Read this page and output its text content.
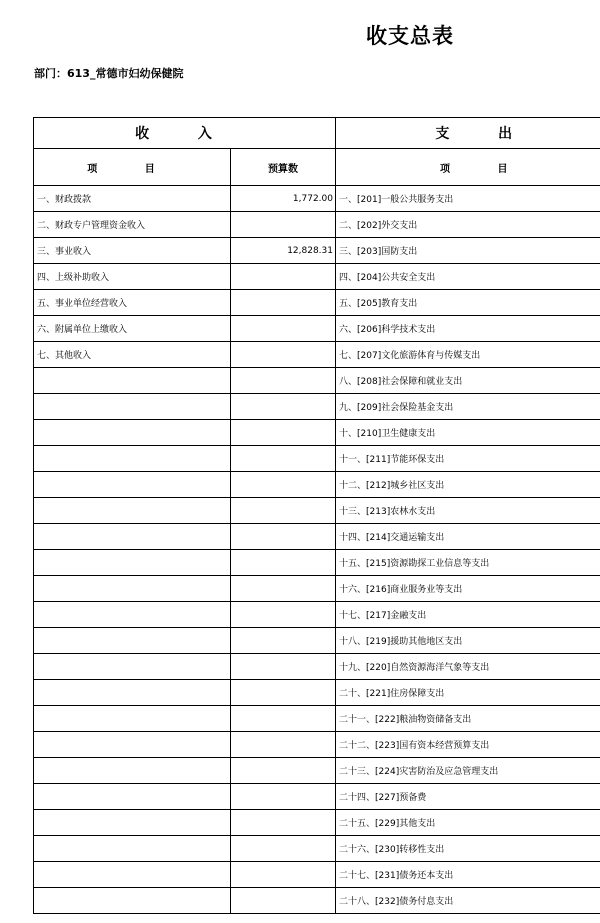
收支总表
部门：613_常德市妇幼保健院
收 入		支 出
项 目	预算数	项 目
一、财政拨款	1,772.00	一、[201]一般公共服务支出
二、财政专户管理资金收入		二、[202]外交支出
三、事业收入	12,828.31	三、[203]国防支出
四、上级补助收入		四、[204]公共安全支出
五、事业单位经营收入		五、[205]教育支出
六、附属单位上缴收入		六、[206]科学技术支出
七、其他收入		七、[207]文化旅游体育与传媒支出
		八、[208]社会保障和就业支出
		九、[209]社会保险基金支出
		十、[210]卫生健康支出
		十一、[211]节能环保支出
		十二、[212]城乡社区支出
		十三、[213]农林水支出
		十四、[214]交通运输支出
		十五、[215]资源勘探工业信息等支出
		十六、[216]商业服务业等支出
		十七、[217]金融支出
		十八、[219]援助其他地区支出
		十九、[220]自然资源海洋气象等支出
		二十、[221]住房保障支出
		二十一、[222]粮油物资储备支出
		二十二、[223]国有资本经营预算支出
		二十三、[224]灾害防治及应急管理支出
		二十四、[227]预备费
		二十五、[229]其他支出
		二十六、[230]转移性支出
		二十七、[231]债务还本支出
		二十八、[232]债务付息支出
